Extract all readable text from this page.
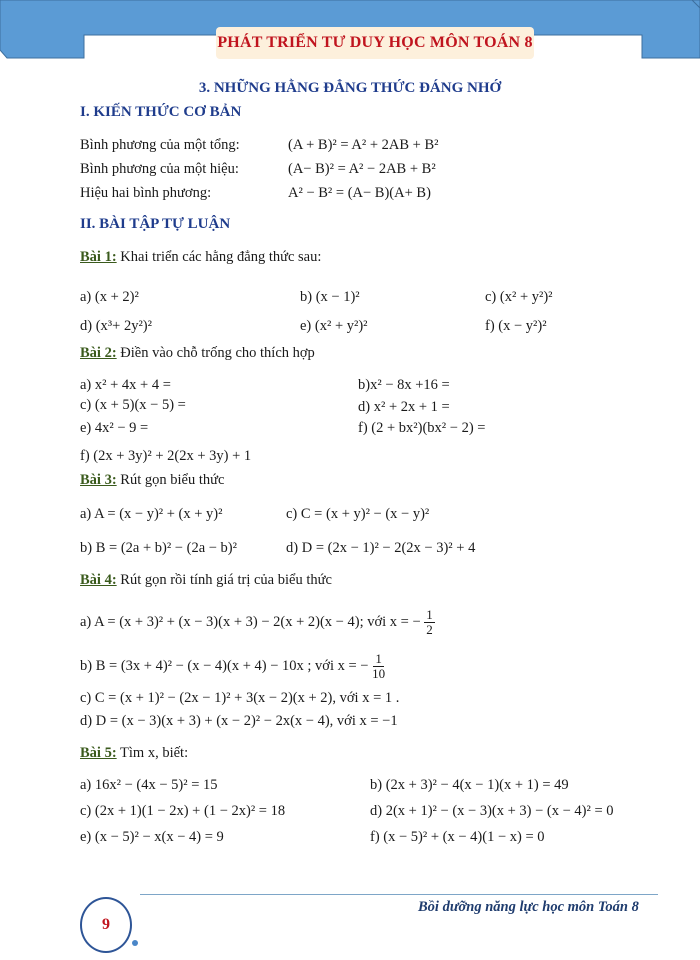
PHÁT TRIỂN TƯ DUY HỌC MÔN TOÁN 8
3. NHỮNG HẰNG ĐẲNG THỨC ĐÁNG NHỚ
I. KIẾN THỨC CƠ BẢN
Bình phương của một tổng:	(A + B)² = A² + 2AB + B²
Bình phương của một hiệu:	(A− B)² = A² − 2AB + B²
Hiệu hai bình phương:	A² − B² = (A− B)(A+ B)
II. BÀI TẬP TỰ LUẬN
Bài 1: Khai triển các hằng đẳng thức sau:
a) (x + 2)²	b) (x − 1)²	c) (x² + y²)²
d) (x³+ 2y²)²	e) (x² + y²)²	f) (x − y²)²
Bài 2: Điền vào chỗ trống cho thích hợp
a) x² + 4x + 4 =	b)x² − 8x +16 =
c) (x + 5)(x − 5) =	d) x² + 2x + 1 =
e) 4x² − 9 =	f) (2 + bx²)(bx² − 2) =
f) (2x + 3y)² + 2(2x + 3y) + 1
Bài 3: Rút gọn biểu thức
a) A = (x − y)² + (x + y)²	c) C = (x + y)² − (x − y)²
b) B = (2a + b)² − (2a − b)²	d) D = (2x − 1)² − 2(2x − 3)² + 4
Bài 4: Rút gọn rồi tính giá trị của biểu thức
a) A = (x + 3)² + (x − 3)(x + 3) − 2(x + 2)(x − 4); với x = − $\frac{1}{2}$
b) B = (3x + 4)² − (x − 4)(x + 4) − 10x ; với x = − $\frac{1}{10}$
c) C = (x + 1)² − (2x − 1)² + 3(x − 2)(x + 2), với x = 1 .
d) D = (x − 3)(x + 3) + (x − 2)² − 2x(x − 4), với x = −1
Bài 5: Tìm x, biết:
a) 16x² − (4x − 5)² = 15	b) (2x + 3)² − 4(x − 1)(x + 1) = 49
c) (2x + 1)(1 − 2x) + (1 − 2x)² = 18	d) 2(x + 1)² − (x − 3)(x + 3) − (x − 4)² = 0
e) (x − 5)² − x(x − 4) = 9	f) (x − 5)² + (x − 4)(1 − x) = 0
Bồi dưỡng năng lực học môn Toán 8
9
